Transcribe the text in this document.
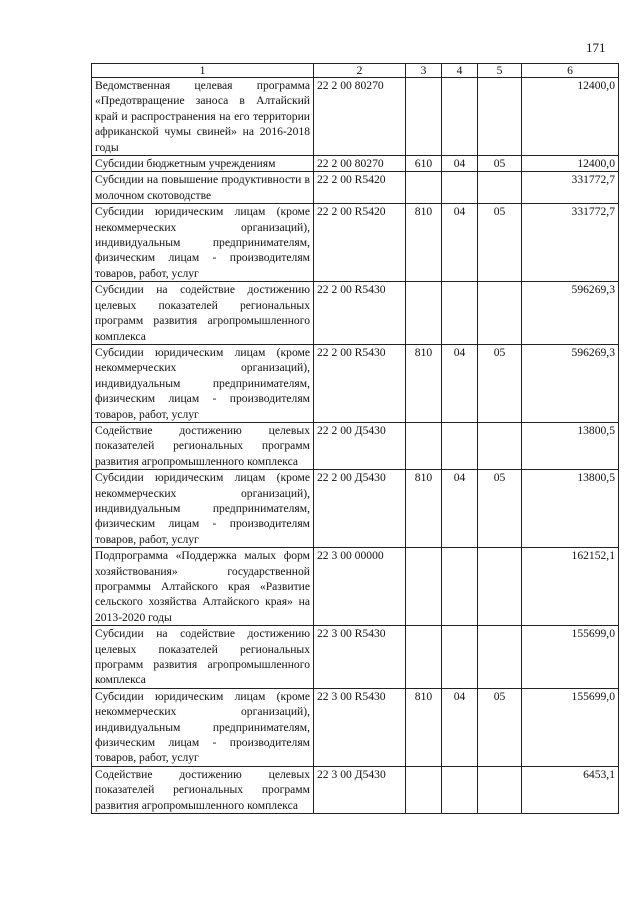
171
1	2	3	4	5	6
Ведомственная целевая программа «Предотвращение заноса в Алтайский край и распространения на его территории африканской чумы свиней» на 2016-2018 годы	22 2 00 80270				12400,0
Субсидии бюджетным учреждениям	22 2 00 80270	610	04	05	12400,0
Субсидии на повышение продуктивности в молочном скотоводстве	22 2 00 R5420				331772,7
Субсидии юридическим лицам (кроме некоммерческих организаций), индивидуальным предпринимателям, физическим лицам - производителям товаров, работ, услуг	22 2 00 R5420	810	04	05	331772,7
Субсидии на содействие достижению целевых показателей региональных программ развития агропромышленного комплекса	22 2 00 R5430				596269,3
Субсидии юридическим лицам (кроме некоммерческих организаций), индивидуальным предпринимателям, физическим лицам - производителям товаров, работ, услуг	22 2 00 R5430	810	04	05	596269,3
Содействие достижению целевых показателей региональных программ развития агропромышленного комплекса	22 2 00 Д5430				13800,5
Субсидии юридическим лицам (кроме некоммерческих организаций), индивидуальным предпринимателям, физическим лицам - производителям товаров, работ, услуг	22 2 00 Д5430	810	04	05	13800,5
Подпрограмма «Поддержка малых форм хозяйствования» государственной программы Алтайского края «Развитие сельского хозяйства Алтайского края» на 2013-2020 годы	22 3 00 00000				162152,1
Субсидии на содействие достижению целевых показателей региональных программ развития агропромышленного комплекса	22 3 00 R5430				155699,0
Субсидии юридическим лицам (кроме некоммерческих организаций), индивидуальным предпринимателям, физическим лицам - производителям товаров, работ, услуг	22 3 00 R5430	810	04	05	155699,0
Содействие достижению целевых показателей региональных программ развития агропромышленного комплекса	22 3 00 Д5430				6453,1
